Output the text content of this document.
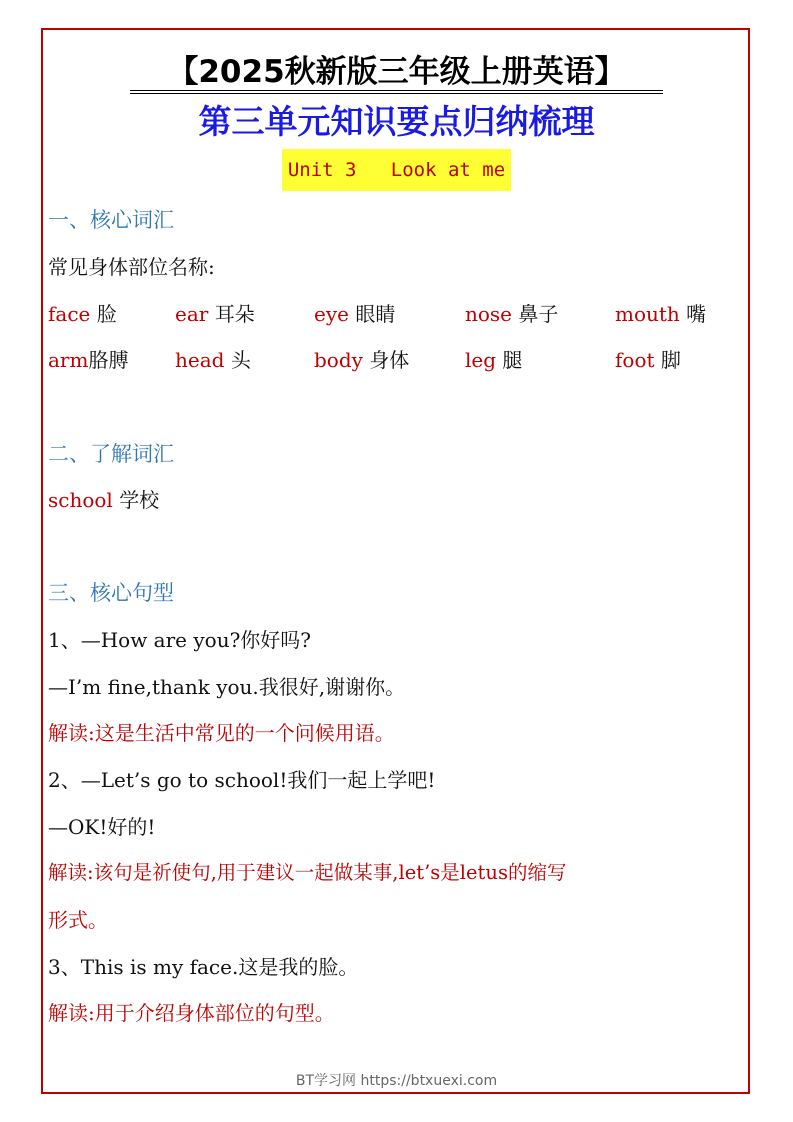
【2025秋新版三年级上册英语】
第三单元知识要点归纳梳理
Unit 3   Look at me
一、核心词汇
常见身体部位名称:
face 脸	ear 耳朵	eye 眼睛	nose 鼻子	mouth 嘴
arm胳膊 head 头	body 身体	leg 腿	foot 脚
二、了解词汇
school 学校
三、核心句型
1、—How are you?你好吗?
—I’m fine,thank you.我很好,谢谢你。
解读:这是生活中常见的一个问候用语。
2、—Let’s go to school!我们一起上学吧!
—OK!好的!
解读:该句是祈使句,用于建议一起做某事,let’s是letus的缩写
形式。
3、This is my face.这是我的脸。
解读:用于介绍身体部位的句型。
BT学习网 https://btxuexi.com
